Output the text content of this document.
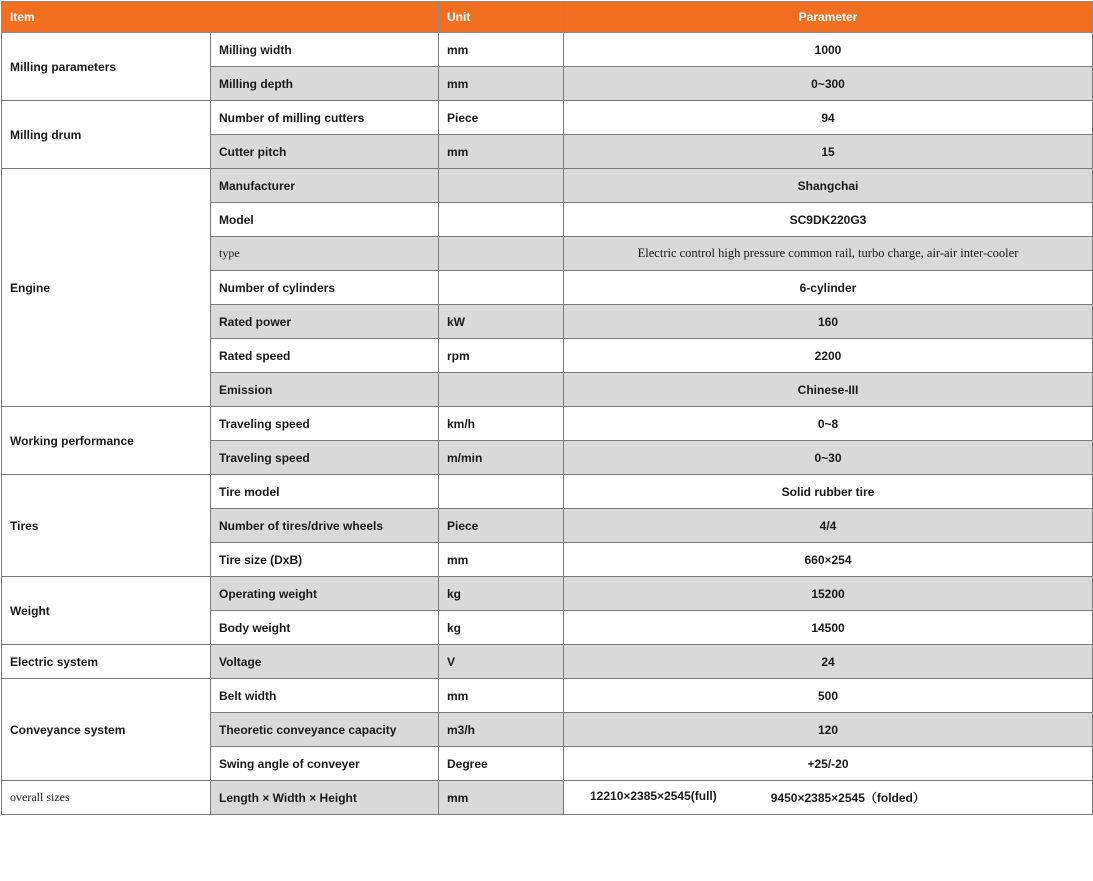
Item		Unit	Parameter
Milling parameters	Milling width	mm	1000
	Milling depth	mm	0~300
Milling drum	Number of milling cutters	Piece	94
	Cutter pitch	mm	15
Engine	Manufacturer		Shangchai
	Model		SC9DK220G3
	type		Electric control high pressure common rail, turbo charge, air-air inter-cooler
	Number of cylinders		6-cylinder
	Rated power	kW	160
	Rated speed	rpm	2200
	Emission		Chinese-III
Working performance	Traveling speed	km/h	0~8
	Traveling speed	m/min	0~30
Tires	Tire model		Solid rubber tire
	Number of tires/drive wheels	Piece	4/4
	Tire size (DxB)	mm	660×254
Weight	Operating weight	kg	15200
	Body weight	kg	14500
Electric system	Voltage	V	24
Conveyance system	Belt width	mm	500
	Theoretic conveyance capacity	m3/h	120
	Swing angle of conveyer	Degree	+25/-20
overall sizes	Length × Width × Height	mm	12210×2385×2545(full) 9450×2385×2545（folded）
